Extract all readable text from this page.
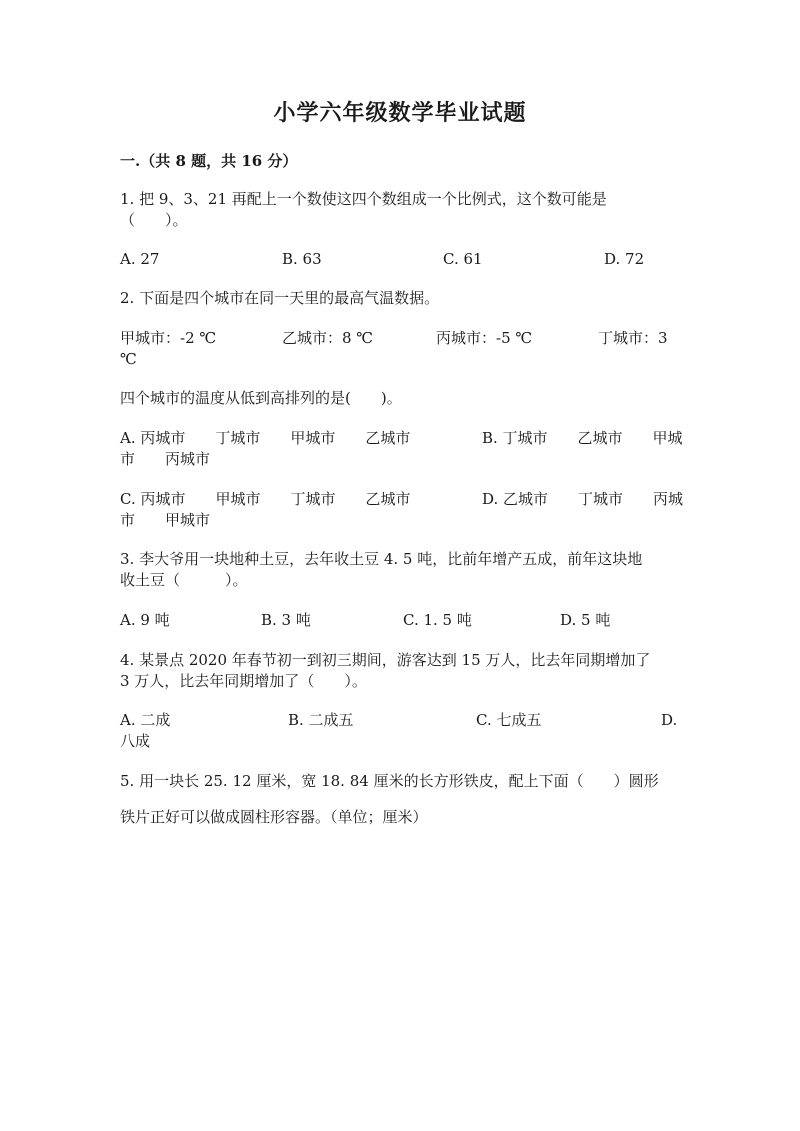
小学六年级数学毕业试题
一.（共 8 题，共 16 分）
1. 把 9、3、21 再配上一个数使这四个数组成一个比例式，这个数可能是
（　　）。
A. 27	B. 63	C. 61	D. 72
2. 下面是四个城市在同一天里的最高气温数据。
甲城市：-2 ℃	乙城市：8 ℃	丙城市：-5 ℃	丁城市：3
℃
四个城市的温度从低到高排列的是(　　)。
A. 丙城市　　丁城市　　甲城市　　乙城市	B. 丁城市　　乙城市　　甲城
市　　丙城市
C. 丙城市　　甲城市　　丁城市　　乙城市	D. 乙城市　　丁城市　　丙城
市　　甲城市
3. 李大爷用一块地种土豆，去年收土豆 4. 5 吨，比前年增产五成，前年这块地
收土豆（　　　）。
A. 9 吨	B. 3 吨	C. 1. 5 吨	D. 5 吨
4. 某景点 2020 年春节初一到初三期间，游客达到 15 万人，比去年同期增加了
3 万人，比去年同期增加了（　　）。
A. 二成	B. 二成五	C. 七成五	D.
八成
5. 用一块长 25. 12 厘米，宽 18. 84 厘米的长方形铁皮，配上下面（　　）圆形
铁片正好可以做成圆柱形容器。（单位；厘米）
